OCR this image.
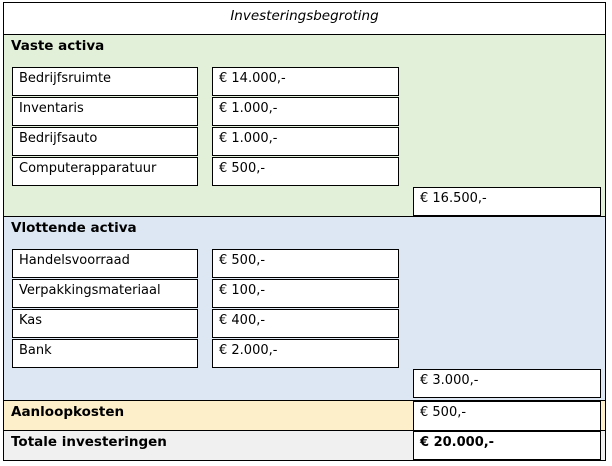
Investeringsbegroting
Vaste activa
Bedrijfsruimte	€ 14.000,-
Inventaris	€ 1.000,-
Bedrijfsauto	€ 1.000,-
Computerapparatuur	€ 500,-
€ 16.500,-
Vlottende activa
Handelsvoorraad	€ 500,-
Verpakkingsmateriaal	€ 100,-
Kas	€ 400,-
Bank	€ 2.000,-
€ 3.000,-
Aanloopkosten	€ 500,-
Totale investeringen	€ 20.000,-
